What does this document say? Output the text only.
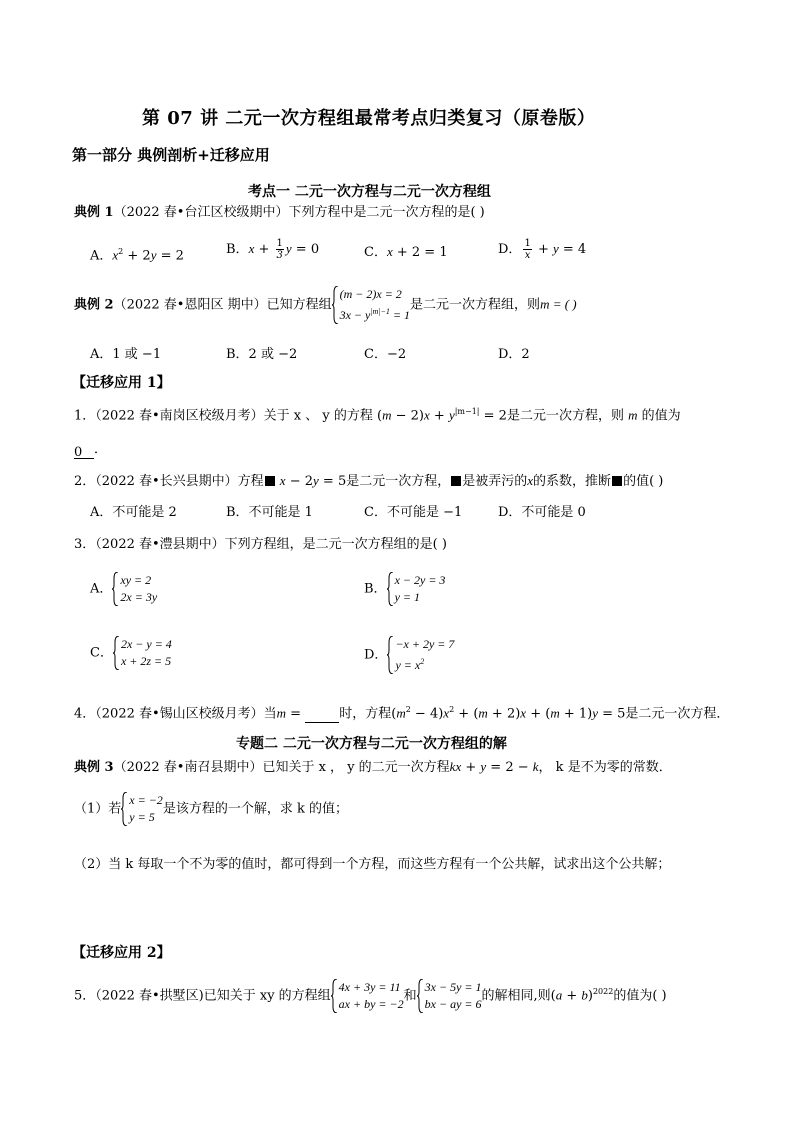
第 07 讲 二元一次方程组最常考点归类复习（原卷版）
第一部分 典例剖析+迁移应用
考点一 二元一次方程与二元一次方程组
典例 1（2022 春•台江区校级期中）下列方程中是二元一次方程的是( )
A．$x^2 + 2y = 2$	B．$x + \frac{1}{3}$ y = 0	C．x + 2 = 1	D． $\frac{1}{x} + y = 4$
典例 2（2022 春•恩阳区 期中）已知方程组
(m − 2)x = 2
$3x - y^{|m|-1} = 1$
是二元一次方程组，则m = ( )
A．1 或 −1	B．2 或 −2	C．−2	D．2
【迁移应用 1】
1．（2022 春•南岗区校级月考）关于 x 、 y 的方程 $(m - 2)x + y^{|m-1|} = 2$是二元一次方程，则 m 的值为
0 ．
2．（2022 春•长兴县期中）方程 x − 2y = 5是二元一次方程， 是被弄污的x的系数，推断 的值( )
A．不可能是 2	B．不可能是 1	C．不可能是 −1	D．不可能是 0
3．（2022 春•澧县期中）下列方程组，是二元一次方程组的是( )
A．
xy = 2
2x = 3y
B．
x − 2y = 3
y = 1
C．
2x − y = 4
x + 2z = 5	D．
−x + 2y = 7
$y = x^2$
4．（2022 春•锡山区校级月考）当m =	时，方程$(m^2 - 4)x^2 + (m + 2)x + (m + 1)y = 5$是二元一次方程．
专题二 二元一次方程与二元一次方程组的解
典例 3（2022 春•南召县期中）已知关于 x ， y 的二元一次方程kx + y = 2 − k， k 是不为零的常数．
（1）若
x = −2
y = 5
是该方程的一个解，求 k 的值；
（2）当 k 每取一个不为零的值时，都可得到一个方程，而这些方程有一个公共解，试求出这个公共解；
【迁移应用 2】
5．（2022 春•拱墅区)已知关于 xy 的方程组
4x + 3y = 11
ax + by = −2
和
3x − 5y = 1
bx − ay = 6
的解相同,则$(a + b)^{2022}$的值为( )
